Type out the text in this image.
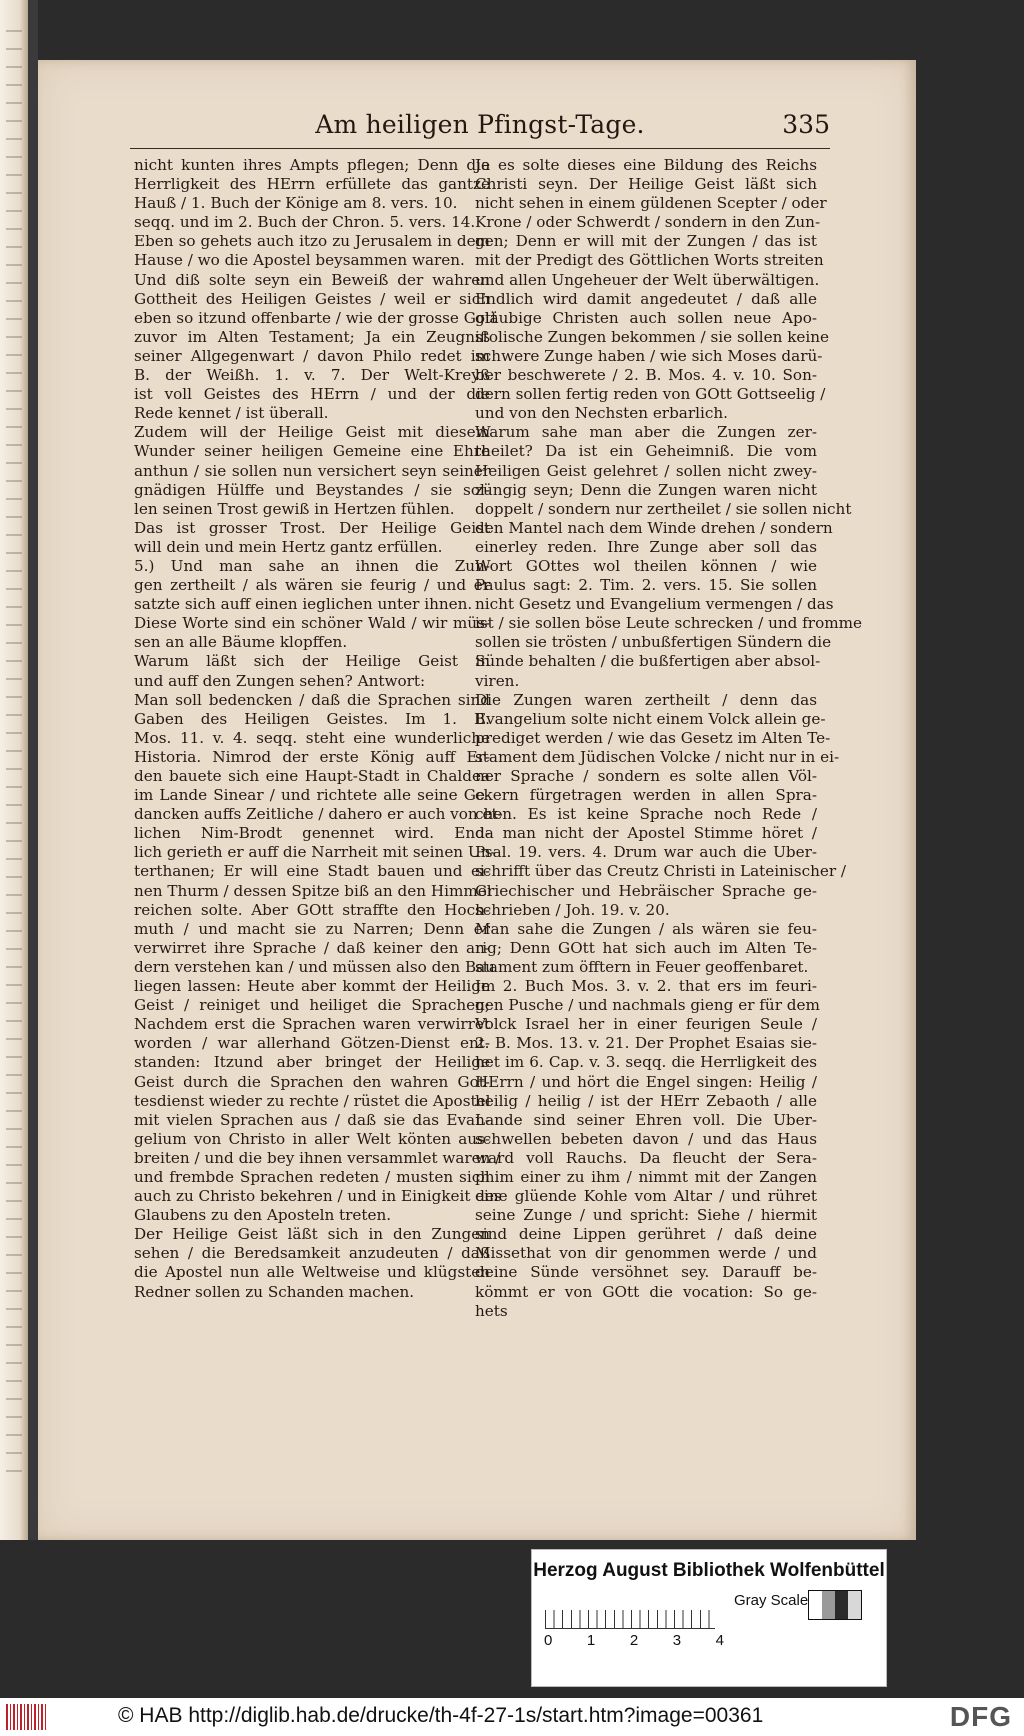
Am heiligen Pfingst-Tage.	335
nicht kunten ihres Ampts pflegen; Denn die
Herrligkeit des HErrn erfüllete das gantze
Hauß / 1. Buch der Könige am 8. vers. 10.
seqq. und im 2. Buch der Chron. 5. vers. 14.
Eben so gehets auch itzo zu Jerusalem in dem
Hause / wo die Apostel beysammen waren.
Und diß solte seyn ein Beweiß der wahren
Gottheit des Heiligen Geistes / weil er sich
eben so itzund offenbarte / wie der grosse Gott
zuvor im Alten Testament; Ja ein Zeugniß
seiner Allgegenwart / davon Philo redet im
B. der Weißh. 1. v. 7. Der Welt-Kreyß
ist voll Geistes des HErrn / und der die
Rede kennet / ist überall.
Zudem will der Heilige Geist mit diesem
Wunder seiner heiligen Gemeine eine Ehre
anthun / sie sollen nun versichert seyn seiner
gnädigen Hülffe und Beystandes / sie sol-
len seinen Trost gewiß in Hertzen fühlen.
Das ist grosser Trost. Der Heilige Geist
will dein und mein Hertz gantz erfüllen.
5.) Und man sahe an ihnen die Zun-
gen zertheilt / als wären sie feurig / und er
satzte sich auff einen ieglichen unter ihnen.
Diese Worte sind ein schöner Wald / wir müs-
sen an alle Bäume klopffen.
Warum läßt sich der Heilige Geist in
und auff den Zungen sehen? Antwort:
Man soll bedencken / daß die Sprachen sind
Gaben des Heiligen Geistes. Im 1. B.
Mos. 11. v. 4. seqq. steht eine wunderliche
Historia. Nimrod der erste König auff Er-
den bauete sich eine Haupt-Stadt in Chaldea
im Lande Sinear / und richtete alle seine Ge-
dancken auffs Zeitliche / dahero er auch von et-
lichen Nim-Brodt genennet wird. End-
lich gerieth er auff die Narrheit mit seinen Un-
terthanen; Er will eine Stadt bauen und ei-
nen Thurm / dessen Spitze biß an den Himmel
reichen solte. Aber GOtt straffte den Hoch-
muth / und macht sie zu Narren; Denn er
verwirret ihre Sprache / daß keiner den an-
dern verstehen kan / und müssen also den Bau
liegen lassen: Heute aber kommt der Heilige
Geist / reiniget und heiliget die Sprachen;
Nachdem erst die Sprachen waren verwirret
worden / war allerhand Götzen-Dienst ent-
standen: Itzund aber bringet der Heilige
Geist durch die Sprachen den wahren Got-
tesdienst wieder zu rechte / rüstet die Apostel
mit vielen Sprachen aus / daß sie das Evan-
gelium von Christo in aller Welt könten aus-
breiten / und die bey ihnen versammlet waren /
und frembde Sprachen redeten / musten sich
auch zu Christo bekehren / und in Einigkeit des
Glaubens zu den Aposteln treten.
Der Heilige Geist läßt sich in den Zungen
sehen / die Beredsamkeit anzudeuten / daß
die Apostel nun alle Weltweise und klügsten
Redner sollen zu Schanden machen.
Ja es solte dieses eine Bildung des Reichs
Christi seyn. Der Heilige Geist läßt sich
nicht sehen in einem güldenen Scepter / oder
Krone / oder Schwerdt / sondern in den Zun-
gen; Denn er will mit der Zungen / das ist
mit der Predigt des Göttlichen Worts streiten
und allen Ungeheuer der Welt überwältigen.
Endlich wird damit angedeutet / daß alle
gläubige Christen auch sollen neue Apo-
stolische Zungen bekommen / sie sollen keine
schwere Zunge haben / wie sich Moses darü-
ber beschwerete / 2. B. Mos. 4. v. 10. Son-
dern sollen fertig reden von GOtt Gottseelig /
und von den Nechsten erbarlich.
Warum sahe man aber die Zungen zer-
theilet? Da ist ein Geheimniß. Die vom
Heiligen Geist gelehret / sollen nicht zwey-
züngig seyn; Denn die Zungen waren nicht
doppelt / sondern nur zertheilet / sie sollen nicht
den Mantel nach dem Winde drehen / sondern
einerley reden. Ihre Zunge aber soll das
Wort GOttes wol theilen können / wie
Paulus sagt: 2. Tim. 2. vers. 15. Sie sollen
nicht Gesetz und Evangelium vermengen / das
ist / sie sollen böse Leute schrecken / und fromme
sollen sie trösten / unbußfertigen Sündern die
Sünde behalten / die bußfertigen aber absol-
viren.
Die Zungen waren zertheilt / denn das
Evangelium solte nicht einem Volck allein ge-
prediget werden / wie das Gesetz im Alten Te-
stament dem Jüdischen Volcke / nicht nur in ei-
ner Sprache / sondern es solte allen Völ-
ckern fürgetragen werden in allen Spra-
chen. Es ist keine Sprache noch Rede /
da man nicht der Apostel Stimme höret /
Psal. 19. vers. 4. Drum war auch die Uber-
schrifft über das Creutz Christi in Lateinischer /
Griechischer und Hebräischer Sprache ge-
schrieben / Joh. 19. v. 20.
Man sahe die Zungen / als wären sie feu-
rig; Denn GOtt hat sich auch im Alten Te-
stament zum öfftern in Feuer geoffenbaret.
Im 2. Buch Mos. 3. v. 2. that ers im feuri-
gen Pusche / und nachmals gieng er für dem
Volck Israel her in einer feurigen Seule /
2. B. Mos. 13. v. 21. Der Prophet Esaias sie-
het im 6. Cap. v. 3. seqq. die Herrligkeit des
HErrn / und hört die Engel singen: Heilig /
heilig / heilig / ist der HErr Zebaoth / alle
Lande sind seiner Ehren voll. Die Uber-
schwellen bebeten davon / und das Haus
ward voll Rauchs. Da fleucht der Sera-
phim einer zu ihm / nimmt mit der Zangen
eine glüende Kohle vom Altar / und rühret
seine Zunge / und spricht: Siehe / hiermit
sind deine Lippen gerühret / daß deine
Missethat von dir genommen werde / und
deine Sünde versöhnet sey. Darauff be-
kömmt er von GOtt die vocation: So ge-
hets
Herzog August Bibliothek Wolfenbüttel
0 1 2 3 4
Gray Scale
© HAB http://diglib.hab.de/drucke/th-4f-27-1s/start.htm?image=00361	DFG
